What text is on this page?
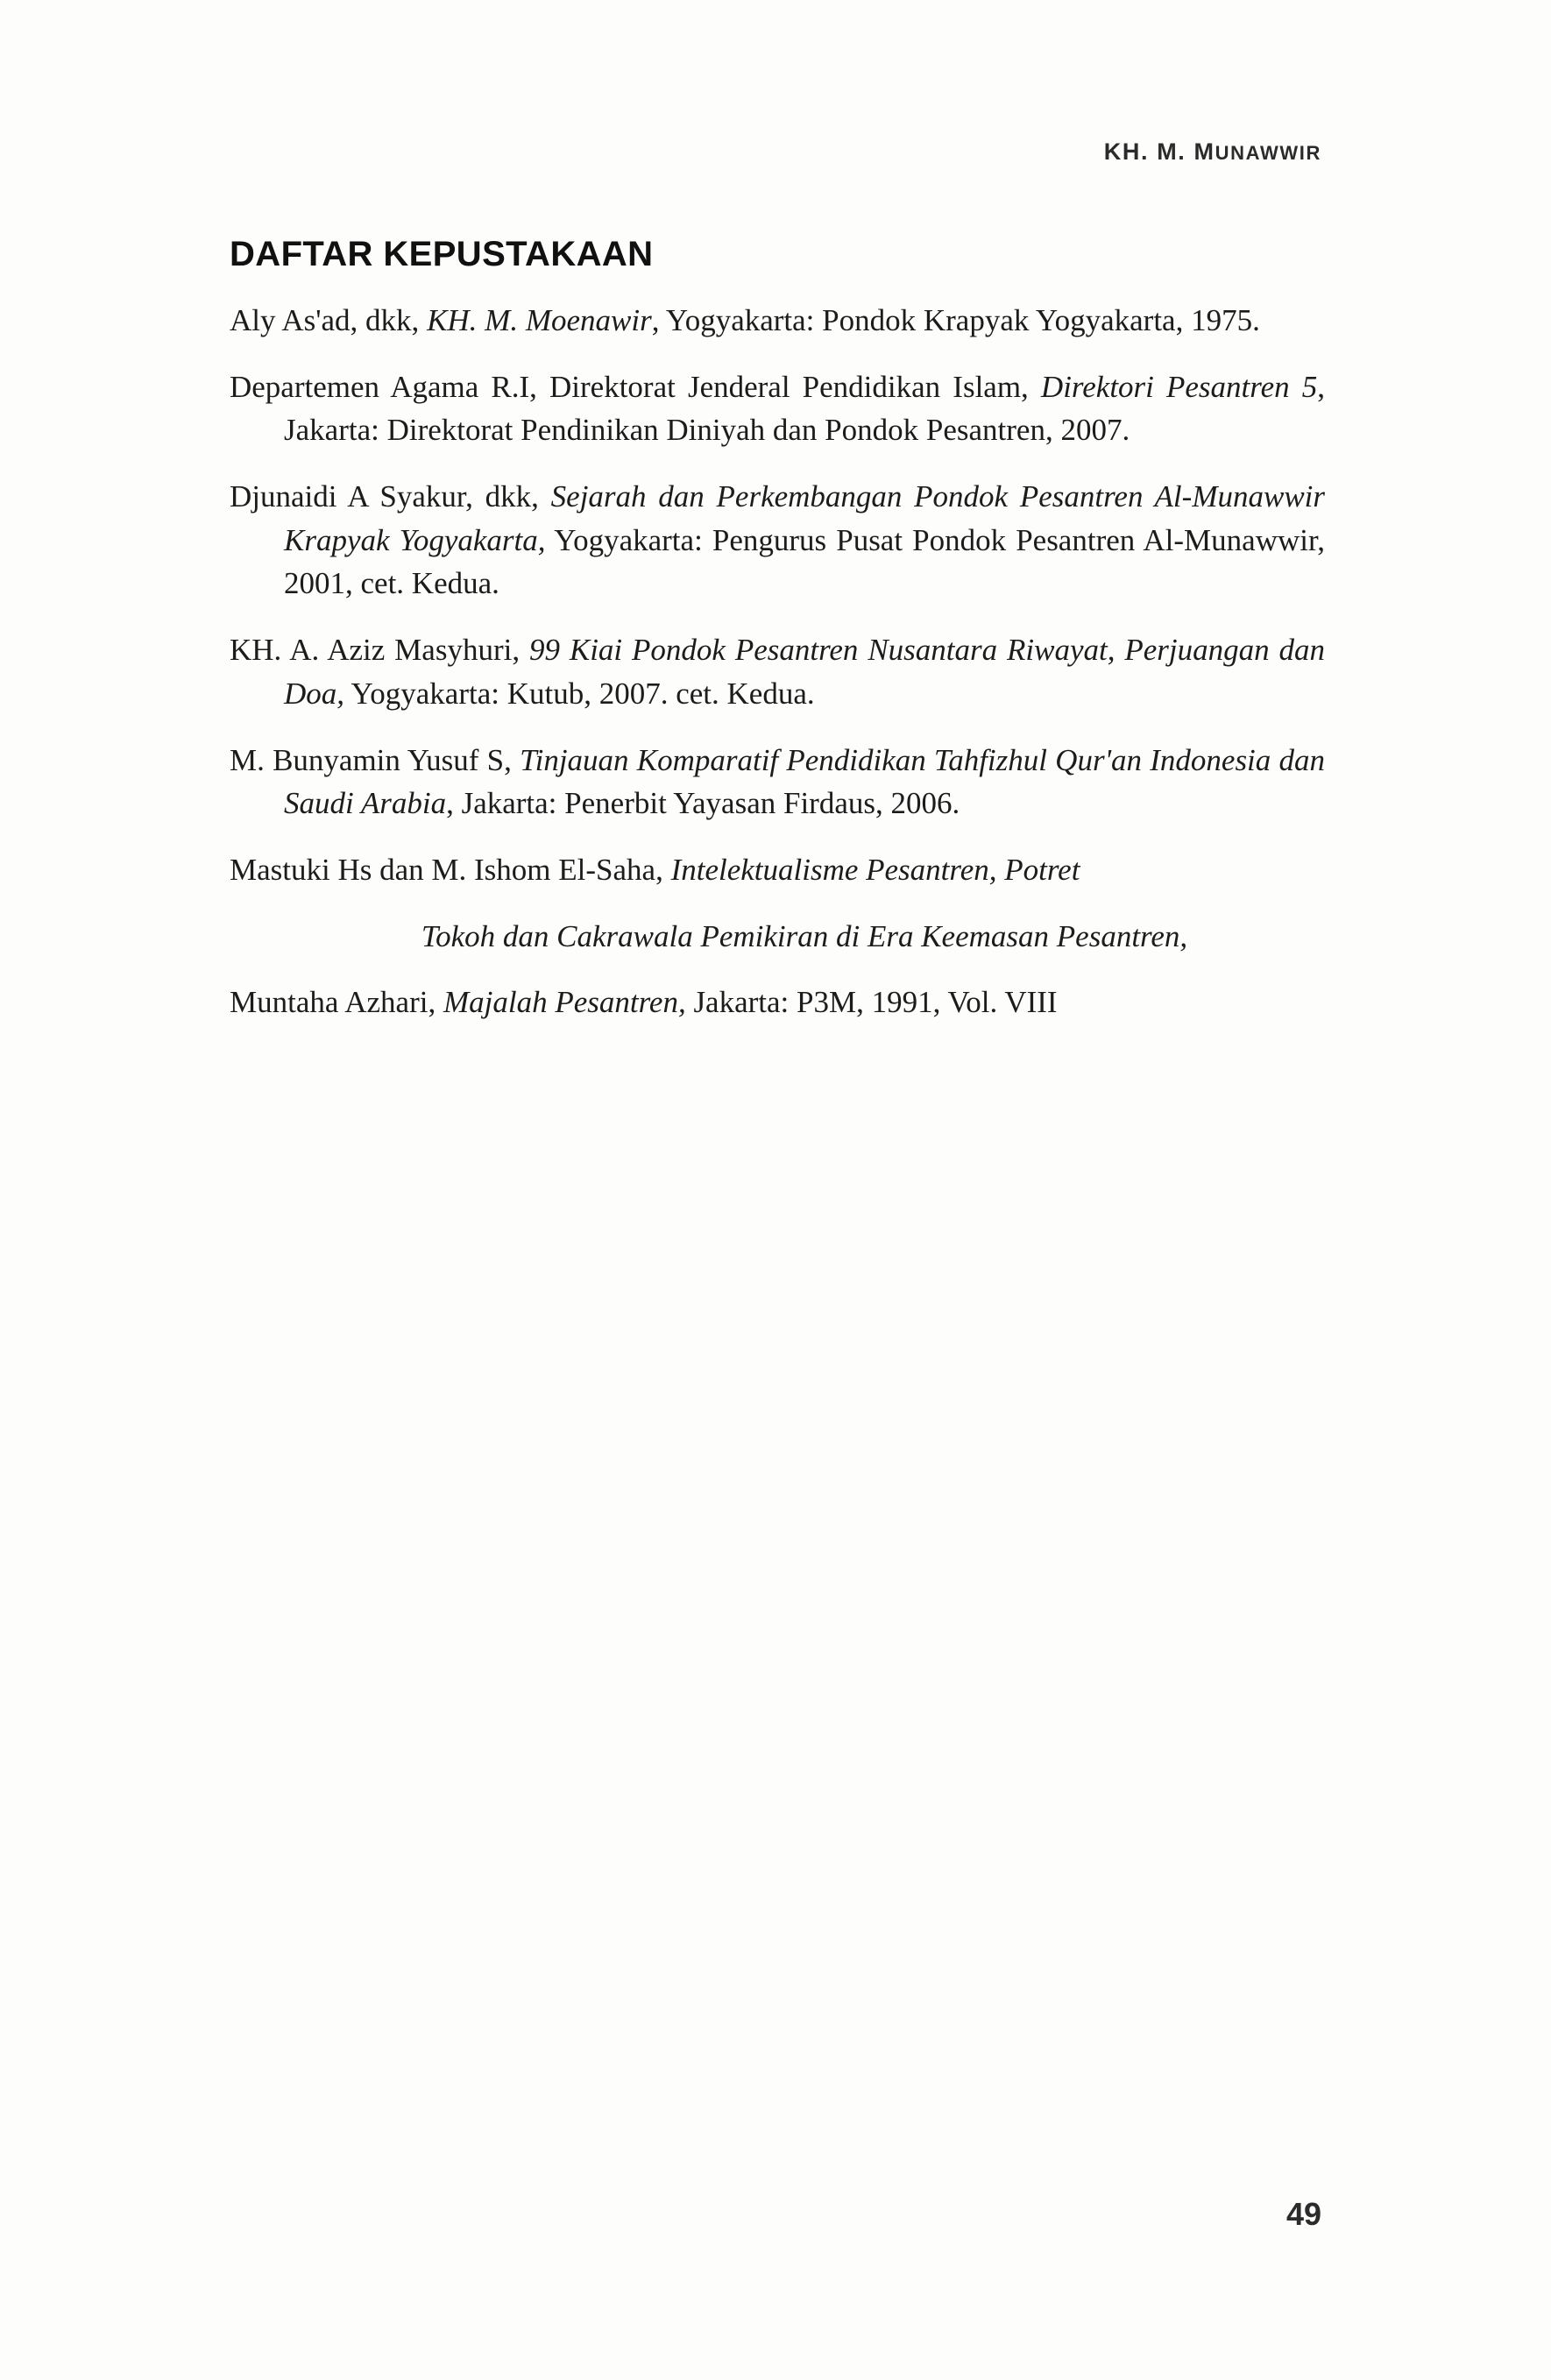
KH. M. MUNAWWIR
DAFTAR KEPUSTAKAAN

Aly As'ad, dkk, KH. M. Moenawir, Yogyakarta: Pondok Krapyak Yogyakarta, 1975.

Departemen Agama R.I, Direktorat Jenderal Pendidikan Islam, Direktori Pesantren 5, Jakarta: Direktorat Pendinikan Diniyah dan Pondok Pesantren, 2007.

Djunaidi A Syakur, dkk, Sejarah dan Perkembangan Pondok Pesantren Al-Munawwir Krapyak Yogyakarta, Yogyakarta: Pengurus Pusat Pondok Pesantren Al-Munawwir, 2001, cet. Kedua.

KH. A. Aziz Masyhuri, 99 Kiai Pondok Pesantren Nusantara Riwayat, Perjuangan dan Doa, Yogyakarta: Kutub, 2007. cet. Kedua.

M. Bunyamin Yusuf S, Tinjauan Komparatif Pendidikan Tahfizhul Qur'an Indonesia dan Saudi Arabia, Jakarta: Penerbit Yayasan Firdaus, 2006.

Mastuki Hs dan M. Ishom El-Saha, Intelektualisme Pesantren, Potret

Tokoh dan Cakrawala Pemikiran di Era Keemasan Pesantren,

Muntaha Azhari, Majalah Pesantren, Jakarta: P3M, 1991, Vol. VIII

49
